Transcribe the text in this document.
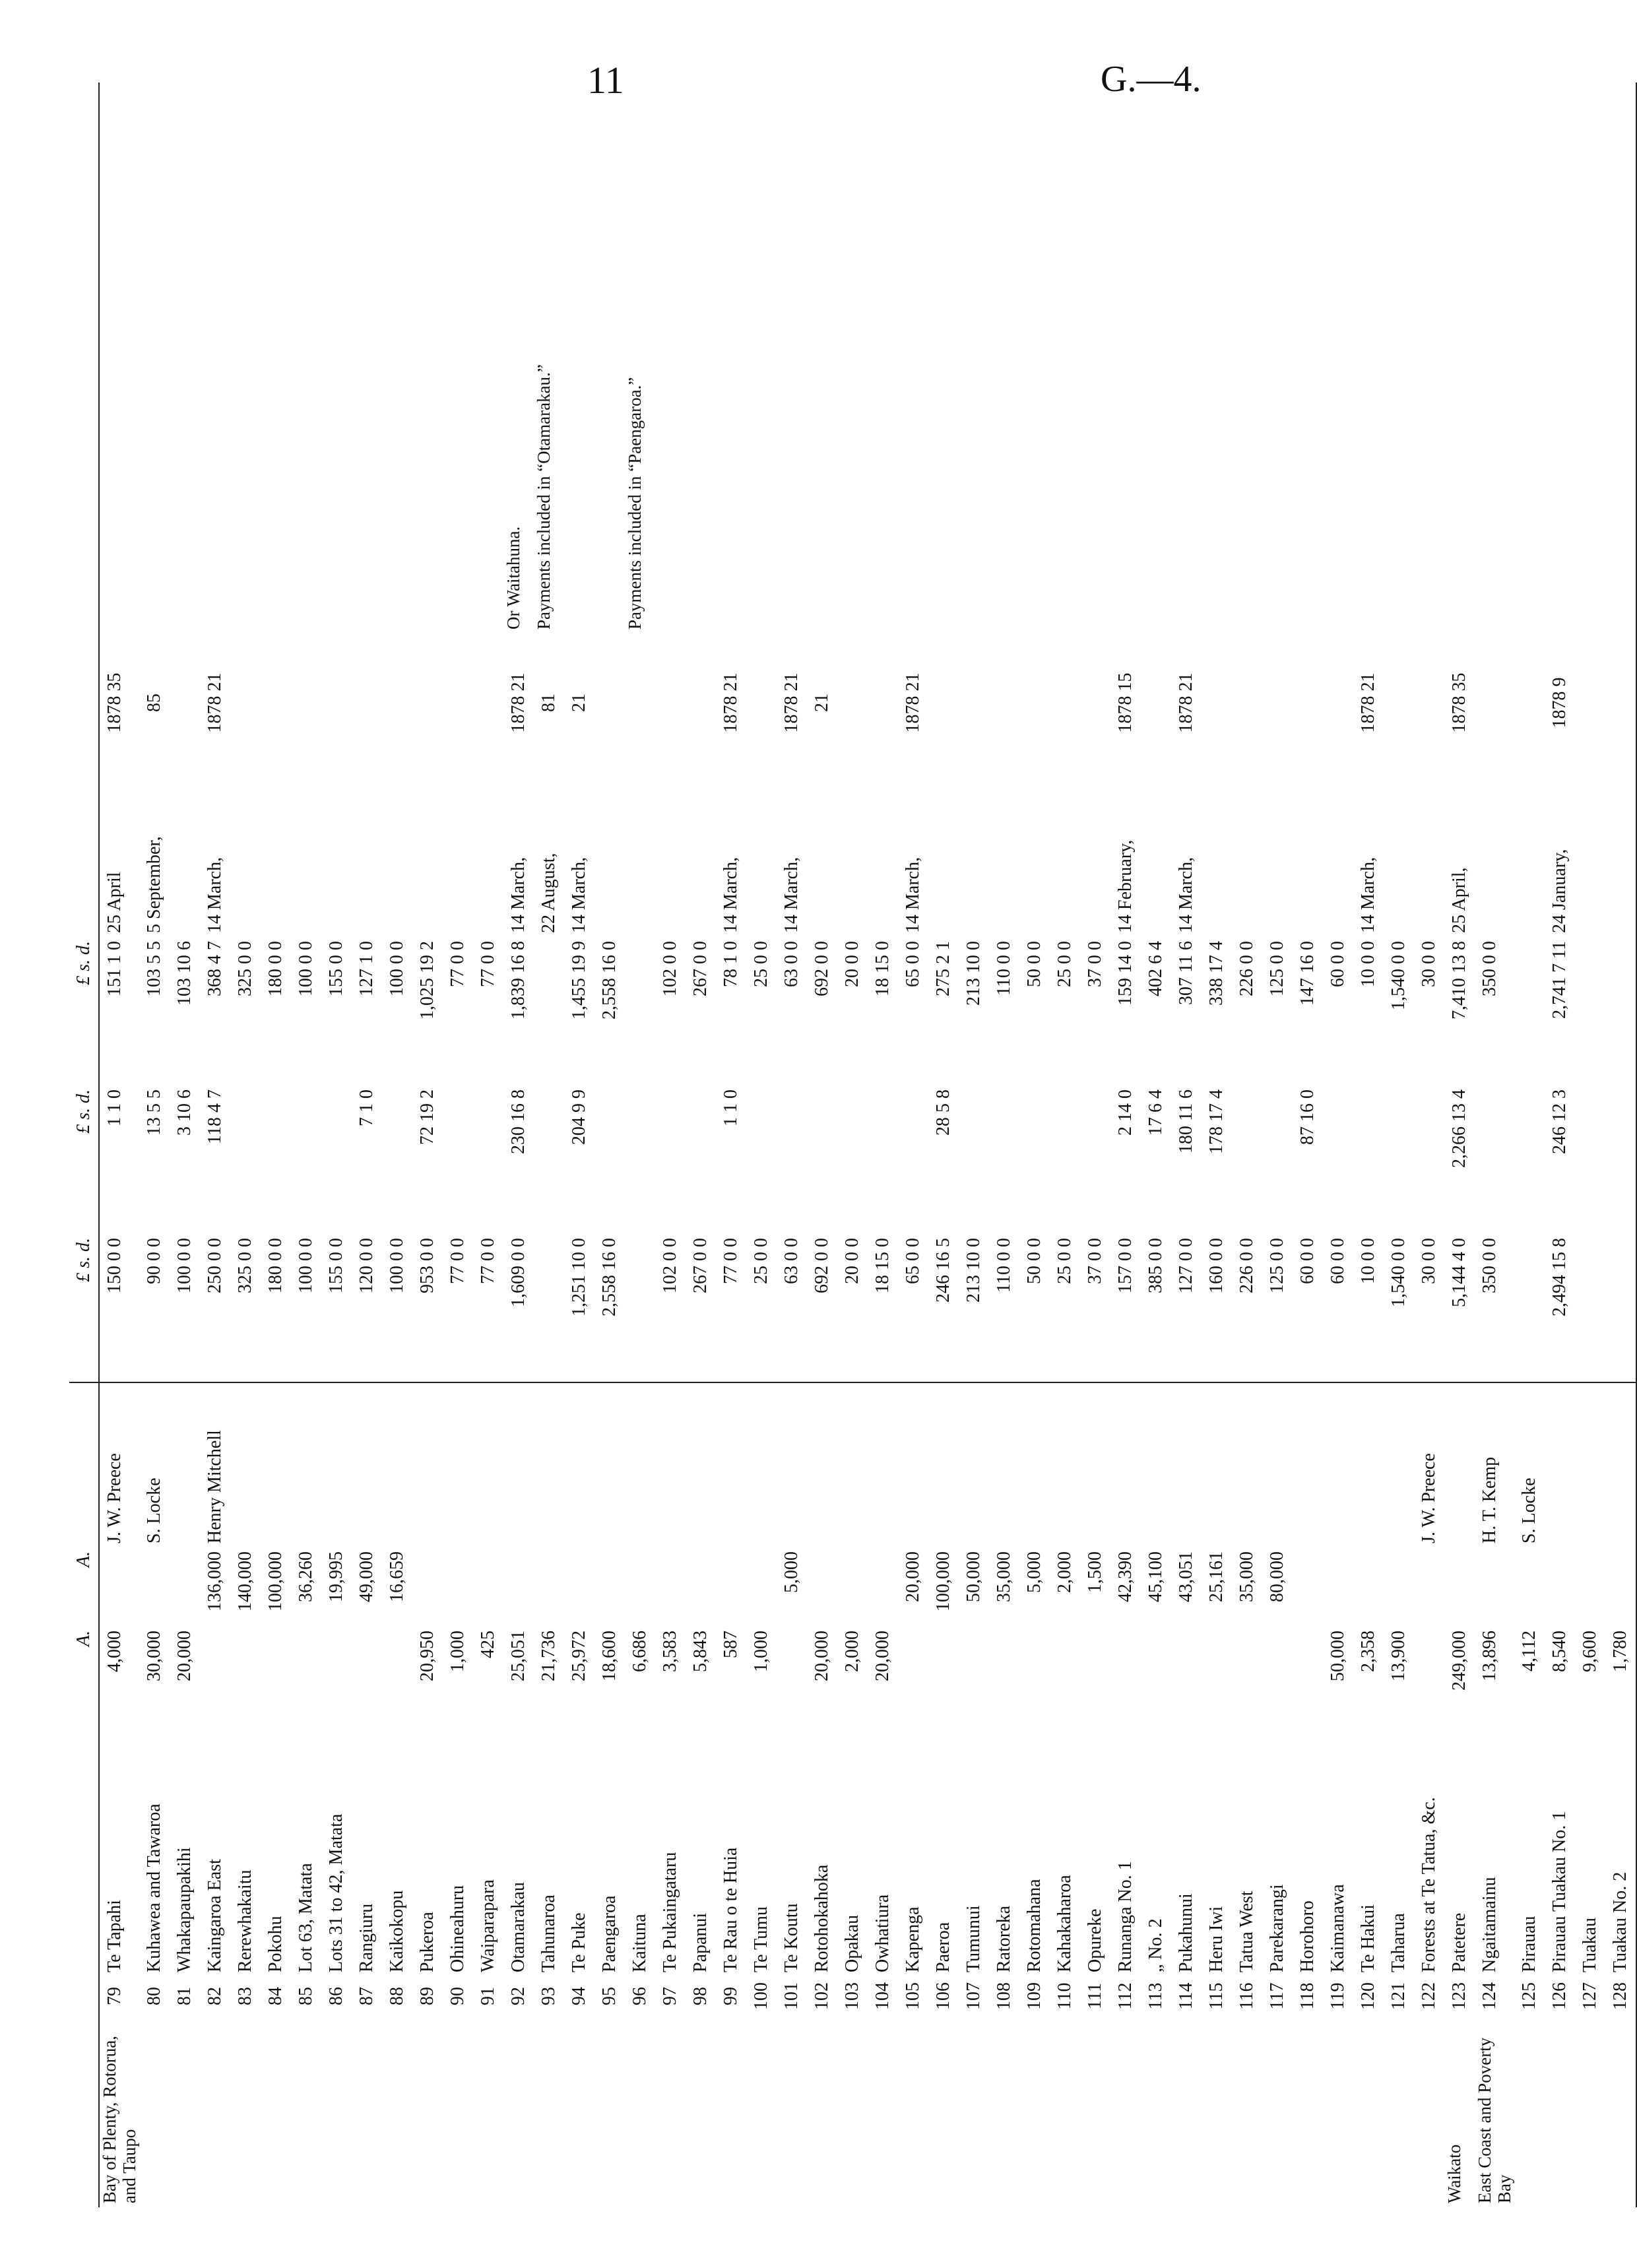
11	G.—4.
			A.	A.		£ s. d.	£ s. d.	£ s. d.			
Bay of Plenty, Rotorua, and Taupo	79	Te Tapahi	4,000		J. W. Preece	150 0 0	1 1 0	151 1 0	25 April	1878 35	
	80	Kuhawea and Tawaroa	30,000		S. Locke	90 0 0	13 5 5	103 5 5	5 September,	85	
	81	Whakapaupakihi	20,000			100 0 0	3 10 6	103 10 6			
	82	Kaingaroa East		136,000	Henry Mitchell	250 0 0	118 4 7	368 4 7	14 March,	1878 21	
	83	Rerewhakaitu		140,000		325 0 0		325 0 0			
	84	Pokohu		100,000		180 0 0		180 0 0			
	85	Lot 63, Matata		36,260		100 0 0		100 0 0			
	86	Lots 31 to 42, Matata		19,995		155 0 0		155 0 0			
	87	Rangiuru		49,000		120 0 0	7 1 0	127 1 0			
	88	Kaikokopu		16,659		100 0 0		100 0 0			
	89	Pukeroa	20,950			953 0 0	72 19 2	1,025 19 2			
	90	Ohineahuru	1,000			77 0 0		77 0 0			
	91	Waiparapara	425			77 0 0		77 0 0			
	92	Otamarakau	25,051			1,609 0 0	230 16 8	1,839 16 8	14 March,	1878 21	Or Waitahuna.
	93	Tahunaroa	21,736						22 August,	81	Payments included in “Otamarakau.”
	94	Te Puke	25,972			1,251 10 0	204 9 9	1,455 19 9	14 March,	21	
	95	Paengaroa	18,600			2,558 16 0		2,558 16 0			
	96	Kaituna	6,686								Payments included in “Paengaroa.”
	97	Te Pukaingataru	3,583			102 0 0		102 0 0			
	98	Papanui	5,843			267 0 0		267 0 0			
	99	Te Rau o te Huia	587			77 0 0	1 1 0	78 1 0	14 March,	1878 21	
	100	Te Tumu	1,000			25 0 0		25 0 0			
	101	Te Koutu		5,000		63 0 0		63 0 0	14 March,	1878 21	
	102	Rotohokahoka	20,000			692 0 0		692 0 0		21	
	103	Opakau	2,000			20 0 0		20 0 0			
	104	Owhatiura	20,000			18 15 0		18 15 0			
	105	Kapenga		20,000		65 0 0		65 0 0	14 March,	1878 21	
	106	Paeroa		100,000		246 16 5	28 5 8	275 2 1			
	107	Tumunui		50,000		213 10 0		213 10 0			
	108	Ratoreka		35,000		110 0 0		110 0 0			
	109	Rotomahana		5,000		50 0 0		50 0 0			
	110	Kahakaharoa		2,000		25 0 0		25 0 0			
	111	Opureke		1,500		37 0 0		37 0 0			
	112	Runanga No. 1		42,390		157 0 0	2 14 0	159 14 0	14 February,	1878 15	
	113	„ No. 2		45,100		385 0 0	17 6 4	402 6 4			
	114	Pukahunui		43,051		127 0 0	180 11 6	307 11 6	14 March,	1878 21	
	115	Heru Iwi		25,161		160 0 0	178 17 4	338 17 4			
	116	Tatua West		35,000		226 0 0		226 0 0			
	117	Parekarangi		80,000		125 0 0		125 0 0			
	118	Horohoro				60 0 0	87 16 0	147 16 0			
	119	Kaimanawa	50,000			60 0 0		60 0 0			
	120	Te Hakui	2,358			10 0 0		10 0 0	14 March,	1878 21	
	121	Taharua	13,900			1,540 0 0		1,540 0 0			
	122	Forests at Te Tatua, &c.			J. W. Preece	30 0 0		30 0 0			
Waikato	123	Patetere	249,000			5,144 4 0	2,266 13 4	7,410 13 8	25 April,	1878 35	
East Coast and Poverty Bay	124	Ngaitamainu	13,896		H. T. Kemp	350 0 0		350 0 0			
	125	Pirauau	4,112		S. Locke						
	126	Pirauau Tuakau No. 1	8,540			2,494 15 8	246 12 3	2,741 7 11	24 January,	1878 9	
	127	Tuakau	9,600								
	128	Tuakau No. 2	1,780								
